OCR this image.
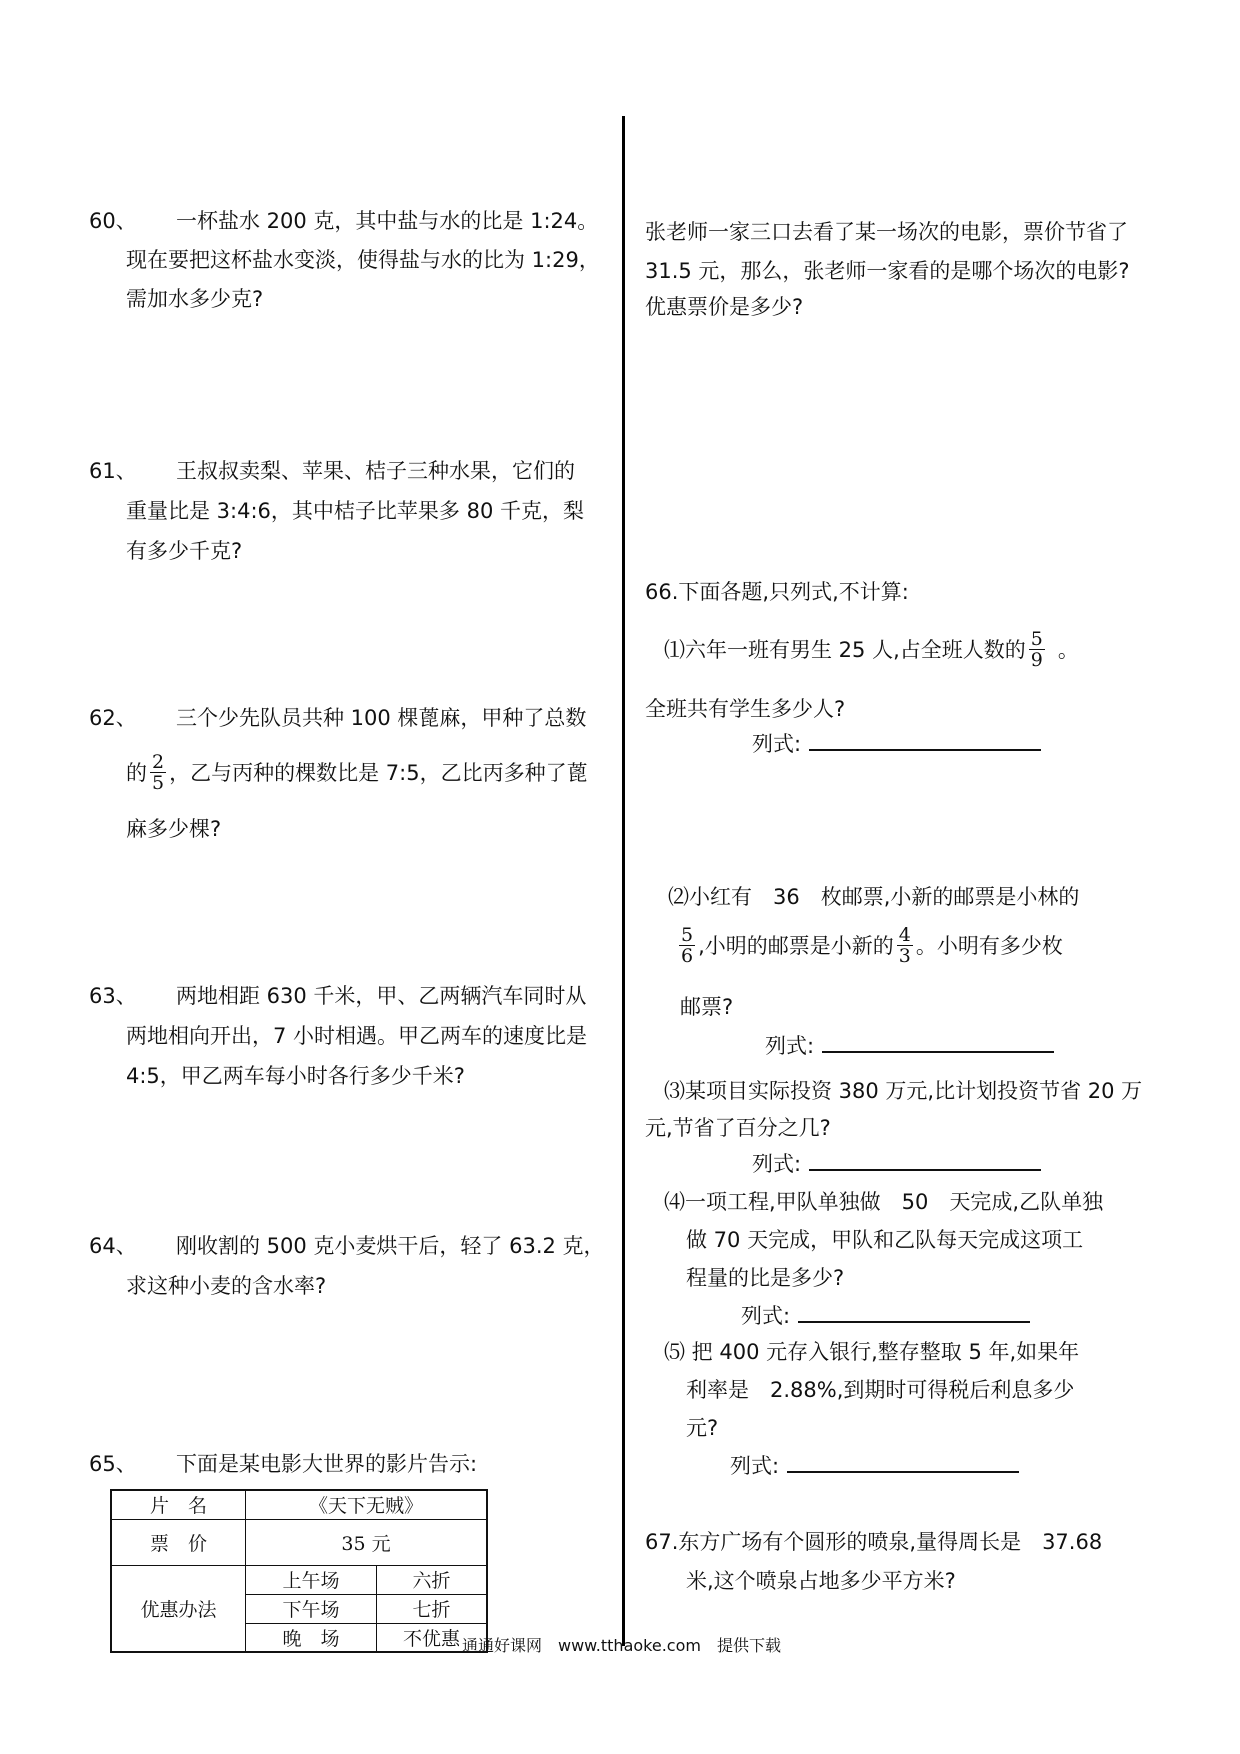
60、 一杯盐水 200 克，其中盐与水的比是 1:24。
现在要把这杯盐水变淡，使得盐与水的比为 1:29，
需加水多少克?
61、 王叔叔卖梨、苹果、桔子三种水果，它们的
重量比是 3:4:6，其中桔子比苹果多 80 千克，梨
有多少千克?
62、 三个少先队员共种 100 棵蓖麻，甲种了总数
的 $\frac{2}{5}$ ，乙与丙种的棵数比是 7:5，乙比丙多种了蓖
麻多少棵?
63、 两地相距 630 千米，甲、乙两辆汽车同时从
两地相向开出，7 小时相遇。甲乙两车的速度比是
4:5，甲乙两车每小时各行多少千米?
64、 刚收割的 500 克小麦烘干后，轻了 63.2 克，
求这种小麦的含水率?
65、 下面是某电影大世界的影片告示:
片　名	《天下无贼》	
票　价	35 元	
优惠办法	上午场	六折
	下午场	七折
	晚　场	不优惠
张老师一家三口去看了某一场次的电影，票价节省了
31.5 元，那么，张老师一家看的是哪个场次的电影?
优惠票价是多少?
66.下面各题,只列式,不计算:
⑴六年一班有男生 25 人,占全班人数的 $\frac{5}{9}$ 。
全班共有学生多少人?
列式:
⑵小红有　36　枚邮票,小新的邮票是小林的
$\frac{5}{6}$ ,小明的邮票是小新的 $\frac{4}{3}$ 。小明有多少枚
邮票?
列式:
⑶某项目实际投资 380 万元,比计划投资节省 20 万
元,节省了百分之几?
列式:
⑷一项工程,甲队单独做　50　天完成,乙队单独
做 70 天完成，甲队和乙队每天完成这项工
程量的比是多少?
列式:
⑸ 把 400 元存入银行,整存整取 5 年,如果年
利率是　2.88%,到期时可得税后利息多少
元?
列式:
67.东方广场有个圆形的喷泉,量得周长是　37.68
米,这个喷泉占地多少平方米?
通通好课网　www.tthaoke.com　提供下载
